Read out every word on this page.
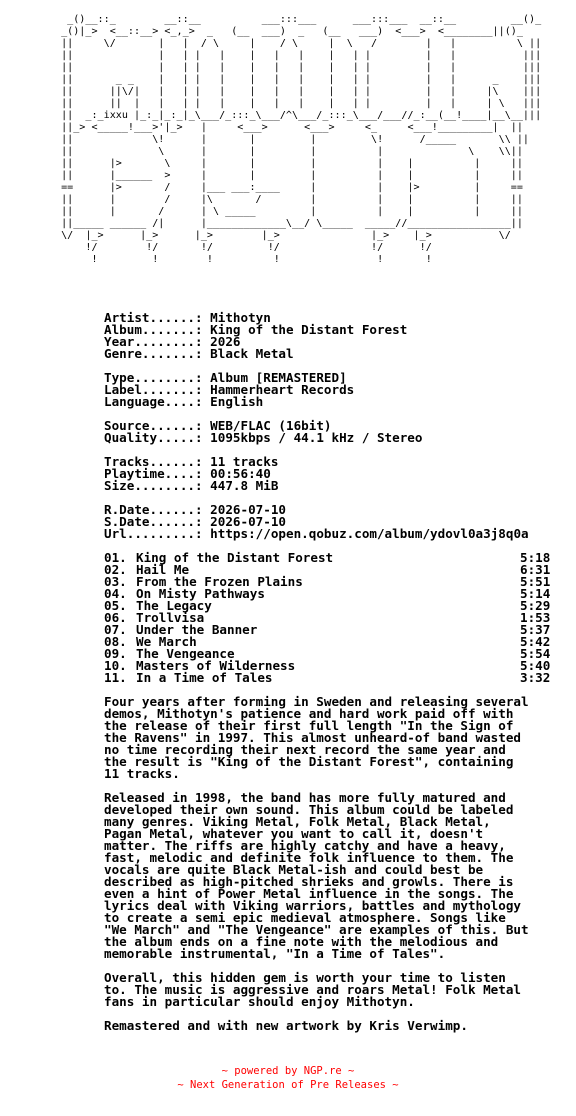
_()__::_        __::__          ___:::___      ___:::___  __::__         __()_
_()|_>  <__::__> <_,_>  _   (__  ___)  _   (__   ___)  <___>  <________||()_
||     \/       |   |  / \     |    / \     |  \   /        |   |          \ ||
||              |   | |   |    |   |   |    |   | |         |   |           |||
||              |   | |   |    |   |   |    |   | |         |   |           |||
||       _ _    |   | |   |    |   |   |    |   | |         |   |      _    |||
||      ||\/|   |   | |   |    |   |   |    |   | |         |   |     |\    |||
||      ||  |   |   | |   |    |   |   |    |   | |         |   |     | \   |||
||  _:_ixxu |_:_|_:_|_\___/_:::_\___/^\___/_:::_\___/___//_:__(__!____|__\__|||
||_> <_____!___>'|_>   |     <___>      <___>     <_     <___!_________|  ||
||             \!      |       |         |         \!      /_____       \\ ||
||              \      |       |         |          |              \    \\||
||      |>       \     |       |         |          |    |          |     ||
||      |______  >     |       |         |          |    |          |     ||
==      |>       /     |___ ___:____     |          |    |>         |     ==
||      |        /     |\       /        |          |    |          |     ||
||      |       /      | \ _____         |          |    |          |     ||
||_____ ______ /|      |_____________\__/ \_____  _____//_________________||
\/  |_>      |_>      |_>        |_>               |_>    |_>           \/
!/        !/       !/         !/               !/      !/
!         !        !          !                !       !
Artist......: Mithotyn
Album.......: King of the Distant Forest
Year........: 2026
Genre.......: Black Metal
Type........: Album [REMASTERED]
Label.......: Hammerheart Records
Language....: English
Source......: WEB/FLAC (16bit)
Quality.....: 1095kbps / 44.1 kHz / Stereo
Tracks......: 11 tracks
Playtime....: 00:56:40
Size........: 447.8 MiB
R.Date......: 2026-07-10
S.Date......: 2026-07-10
Url.........: https://open.qobuz.com/album/ydovl0a3j8q0a
01. King of the Distant Forest	5:18
02. Hail Me	6:31
03. From the Frozen Plains	5:51
04. On Misty Pathways	5:14
05. The Legacy	5:29
06. Trollvisa	1:53
07. Under the Banner	5:37
08. We March	5:42
09. The Vengeance	5:54
10. Masters of Wilderness	5:40
11. In a Time of Tales	3:32
Four years after forming in Sweden and releasing several
demos, Mithotyn's patience and hard work paid off with
the release of their first full length "In the Sign of
the Ravens" in 1997. This almost unheard-of band wasted
no time recording their next record the same year and
the result is "King of the Distant Forest", containing
11 tracks.
Released in 1998, the band has more fully matured and
developed their own sound. This album could be labeled
many genres. Viking Metal, Folk Metal, Black Metal,
Pagan Metal, whatever you want to call it, doesn't
matter. The riffs are highly catchy and have a heavy,
fast, melodic and definite folk influence to them. The
vocals are quite Black Metal-ish and could best be
described as high-pitched shrieks and growls. There is
even a hint of Power Metal influence in the songs. The
lyrics deal with Viking warriors, battles and mythology
to create a semi epic medieval atmosphere. Songs like
"We March" and "The Vengeance" are examples of this. But
the album ends on a fine note with the melodious and
memorable instrumental, "In a Time of Tales".
Overall, this hidden gem is worth your time to listen
to. The music is aggressive and roars Metal! Folk Metal
fans in particular should enjoy Mithotyn.
Remastered and with new artwork by Kris Verwimp.
~ powered by NGP.re ~
~ Next Generation of Pre Releases ~
